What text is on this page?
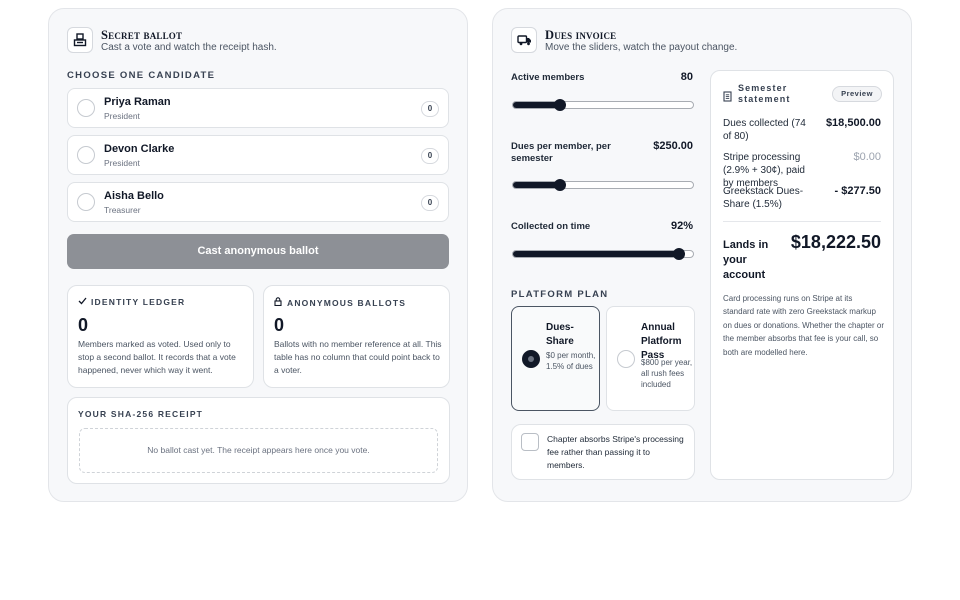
Secret ballot
Cast a vote and watch the receipt hash.
CHOOSE ONE CANDIDATE
Priya Raman
President
0
Devon Clarke
President
0
Aisha Bello
Treasurer
0
Cast anonymous ballot
IDENTITY LEDGER
0
Members marked as voted. Used only to stop a second ballot. It records that a vote happened, never which way it went.
ANONYMOUS BALLOTS
0
Ballots with no member reference at all. This table has no column that could point back to a voter.
YOUR SHA-256 RECEIPT
No ballot cast yet. The receipt appears here once you vote.
Dues invoice
Move the sliders, watch the payout change.
Active members	80
Dues per member, per semester
$250.00
Collected on time	92%
PLATFORM PLAN
Dues-Share
$0 per month, 1.5% of dues
Annual Platform Pass
$800 per year, all rush fees included
Chapter absorbs Stripe's processing fee rather than passing it to members.
Semester statement
Preview
Dues collected (74 of 80)
$18,500.00
Stripe processing (2.9% + 30¢), paid by members
$0.00
Greekstack Dues-Share (1.5%)
- $277.50
Lands in your account
$18,222.50
Card processing runs on Stripe at its standard rate with zero Greekstack markup on dues or donations. Whether the chapter or the member absorbs that fee is your call, so both are modelled here.
